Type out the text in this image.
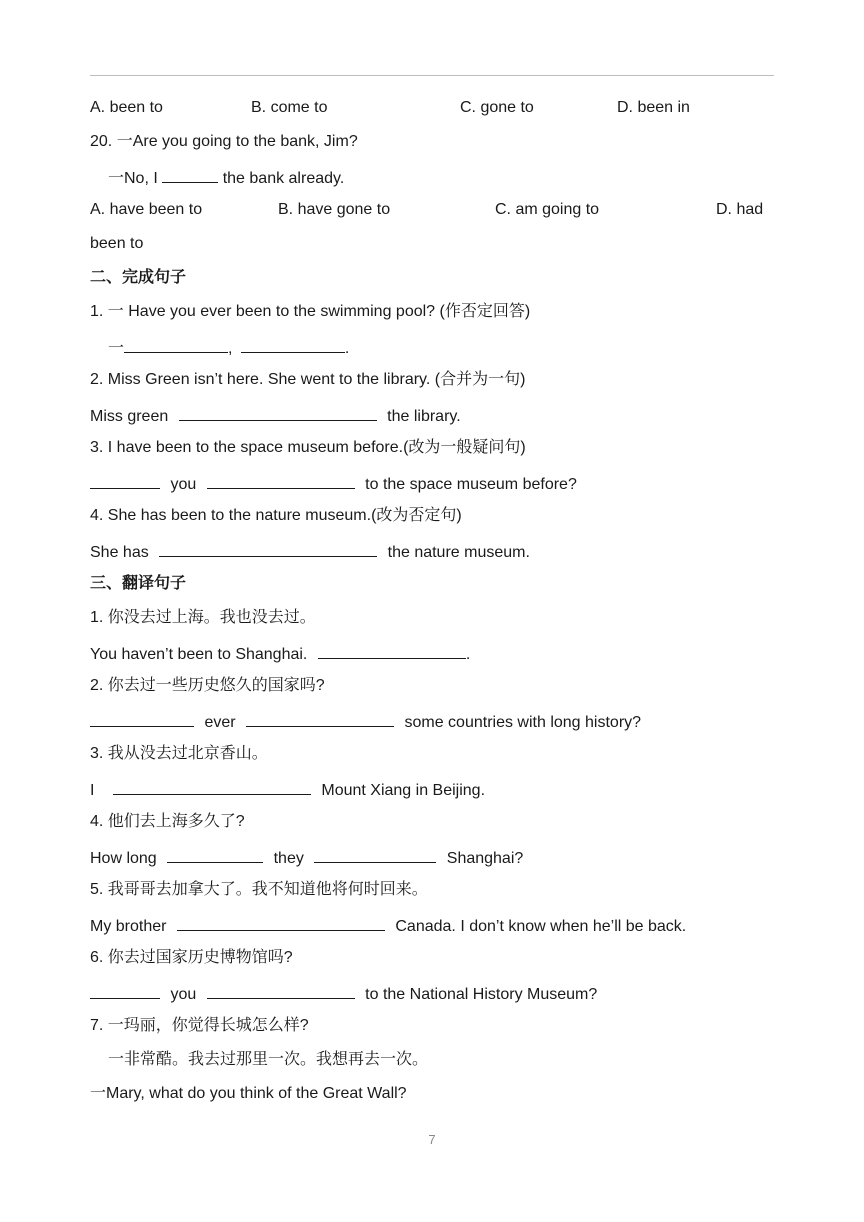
A. been to	B. come to	C. gone to	D. been in
20. 一Are you going to the bank, Jim?
一No, I	the bank already.
A. have been to	B. have gone to	C. am going to	D. had
been to
二、完成句子
1. 一 Have you ever been to the swimming pool? (作否定回答)
一	,	.
2. Miss Green isn’t here. She went to the library. (合并为一句)
Miss green	the library.
3. I have been to the space museum before.(改为一般疑问句)
you	to the space museum before?
4. She has been to the nature museum.(改为否定句)
She has	the nature museum.
三、翻译句子
1. 你没去过上海。我也没去过。
You haven’t been to Shanghai.	.
2. 你去过一些历史悠久的国家吗?
ever	some countries with long history?
3. 我从没去过北京香山。
I	Mount Xiang in Beijing.
4. 他们去上海多久了?
How long	they	Shanghai?
5. 我哥哥去加拿大了。我不知道他将何时回来。
My brother	Canada. I don’t know when he’ll be back.
6. 你去过国家历史博物馆吗?
you	to the National History Museum?
7. 一玛丽，你觉得长城怎么样?
一非常酷。我去过那里一次。我想再去一次。
一Mary, what do you think of the Great Wall?
7
